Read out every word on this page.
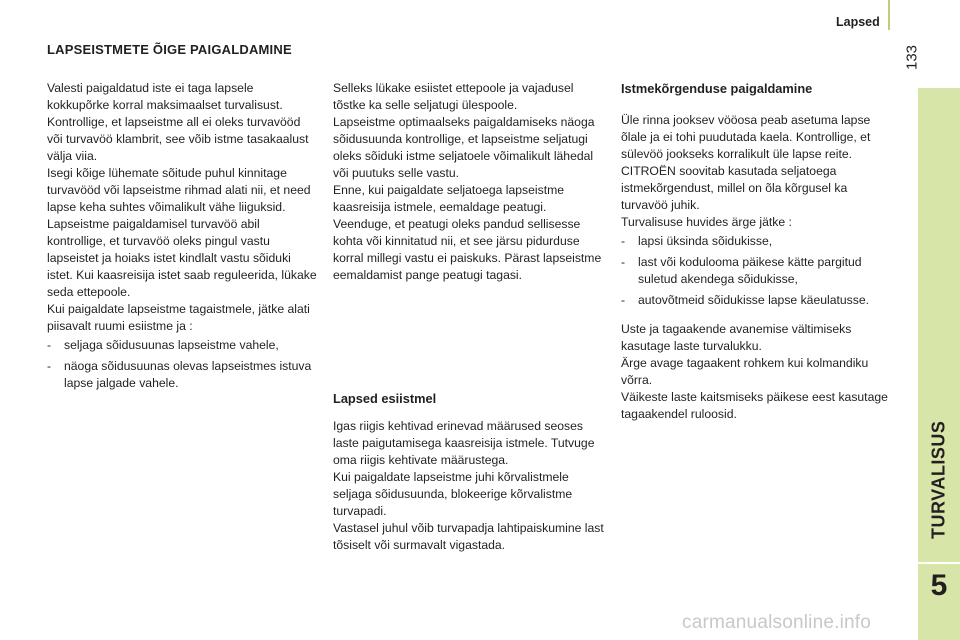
Lapsed
133
TURVALISUS
5
LAPSEISTMETE ÕIGE PAIGALDAMINE

Valesti paigaldatud iste ei taga lapsele kokkupõrke korral maksimaalset turvalisust. Kontrollige, et lapseistme all ei oleks turvavööd või turvavöö klambrit, see võib istme tasakaalust välja viia.

Isegi kõige lühemate sõitude puhul kinnitage turvavööd või lapseistme rihmad alati nii, et need lapse keha suhtes võimalikult vähe liiguksid.

Lapseistme paigaldamisel turvavöö abil kontrollige, et turvavöö oleks pingul vastu lapseistet ja hoiaks istet kindlalt vastu sõiduki istet. Kui kaasreisija istet saab reguleerida, lükake seda ettepoole.

Kui paigaldate lapseistme tagaistmele, jätke alati piisavalt ruumi esiistme ja :

- seljaga sõidusuunas lapseistme vahele,
- näoga sõidusuunas olevas lapseistmes istuva lapse jalgade vahele.

Selleks lükake esiistet ettepoole ja vajadusel tõstke ka selle seljatugi ülespoole.

Lapseistme optimaalseks paigaldamiseks näoga sõidusuunda kontrollige, et lapseistme seljatugi oleks sõiduki istme seljatoele võimalikult lähedal või puutuks selle vastu.

Enne, kui paigaldate seljatoega lapseistme kaasreisija istmele, eemaldage peatugi. Veenduge, et peatugi oleks pandud sellisesse kohta või kinnitatud nii, et see järsu pidurduse korral millegi vastu ei paiskuks. Pärast lapseistme eemaldamist pange peatugi tagasi.

Lapsed esiistmel

Igas riigis kehtivad erinevad määrused seoses laste paigutamisega kaasreisija istmele. Tutvuge oma riigis kehtivate määrustega.

Kui paigaldate lapseistme juhi kõrvalistmele seljaga sõidusuunda, blokeerige kõrvalistme turvapadi.

Vastasel juhul võib turvapadja lahtipaiskumine last tõsiselt või surmavalt vigastada.

Istmekõrgenduse paigaldamine

Üle rinna jooksev vööosa peab asetuma lapse õlale ja ei tohi puudutada kaela. Kontrollige, et sülevöö jookseks korralikult üle lapse reite.

CITROËN soovitab kasutada seljatoega istmekõrgendust, millel on õla kõrgusel ka turvavöö juhik.

Turvalisuse huvides ärge jätke :

- lapsi üksinda sõidukisse,
- last või koduloomа päikese kätte pargitud suletud akendega sõidukisse,
- autovõtmeid sõidukisse lapse käeulatusse.

Uste ja tagaakende avanemise vältimiseks kasutage laste turvalukku.

Ärge avage tagaakent rohkem kui kolmandiku võrra.

Väikeste laste kaitsmiseks päikese eest kasutage tagaakendel ruloosid.

carmanualsonline.info
